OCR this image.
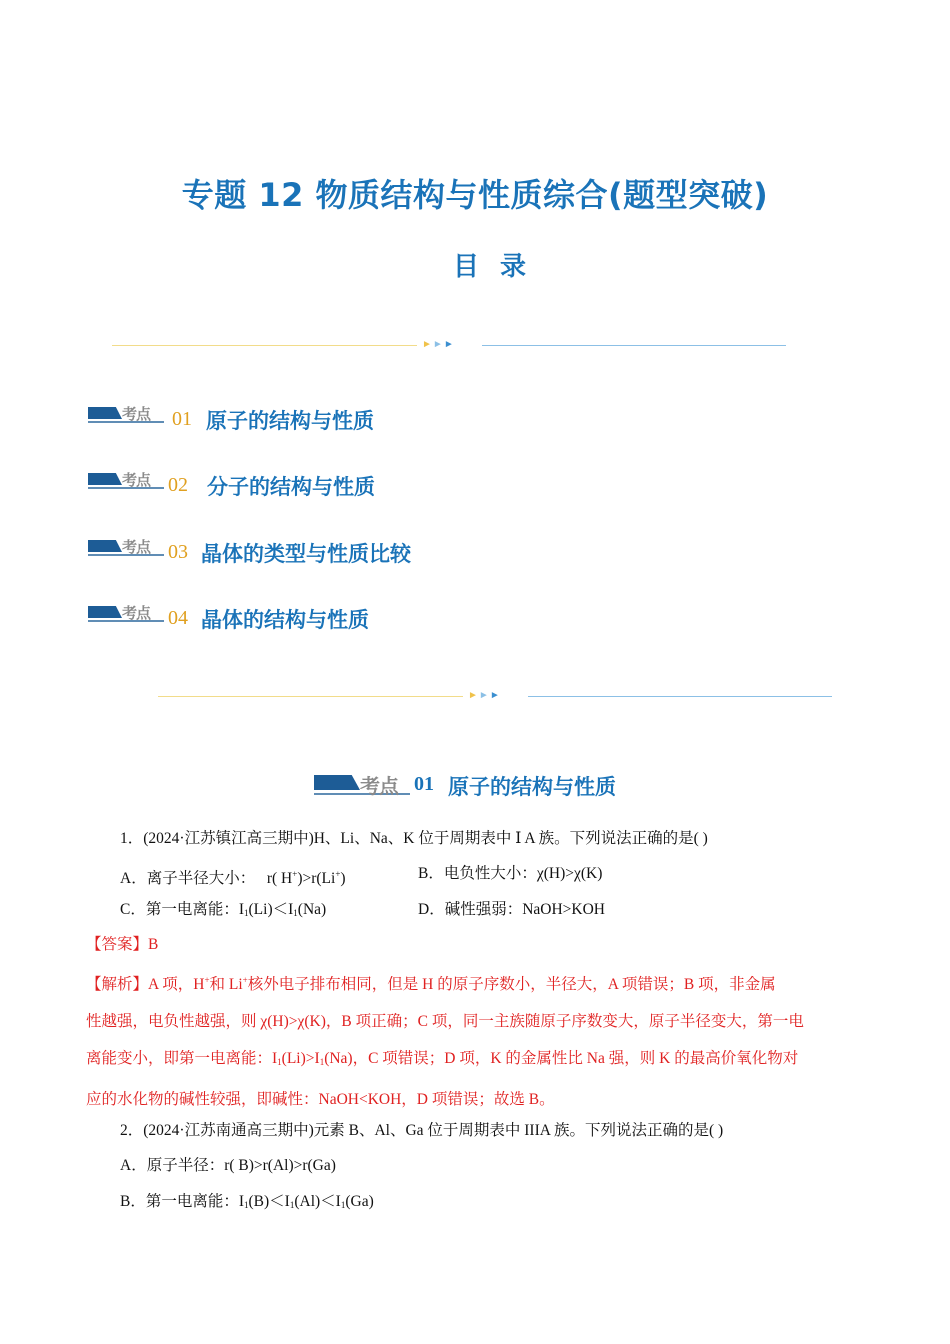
专题 12 物质结构与性质综合(题型突破)
目 录
►►►
考点 01 原子的结构与性质
考点 02 分子的结构与性质
考点 03 晶体的类型与性质比较
考点 04 晶体的结构与性质
►►►
考点 01 原子的结构与性质
1．(2024·江苏镇江高三期中)H、Li、Na、K 位于周期表中 Ⅰ A 族。下列说法正确的是( )
A．离子半径大小： r( H+)>r(Li+)	B．电负性大小：χ(H)>χ(K)
C．第一电离能：$I_1(Li)<I_1(Na)$	D．碱性强弱：NaOH>KOH
【答案】B
【解析】A 项，H+和 Li+核外电子排布相同，但是 H 的原子序数小，半径大，A 项错误；B 项，非金属
性越强，电负性越强，则 χ(H)>χ(K)，B 项正确；C 项，同一主族随原子序数变大，原子半径变大，第一电
离能变小，即第一电离能：$I_1(Li)>I_1(Na)$，C 项错误；D 项，K 的金属性比 Na 强，则 K 的最高价氧化物对
应的水化物的碱性较强，即碱性：NaOH<KOH，D 项错误；故选 B。
2．(2024·江苏南通高三期中)元素 B、Al、Ga 位于周期表中 IIIA 族。下列说法正确的是( )
A．原子半径：r( B)>r(Al)>r(Ga)
B．第一电离能：$I_1(B)<I_1(Al)<I_1(Ga)$
